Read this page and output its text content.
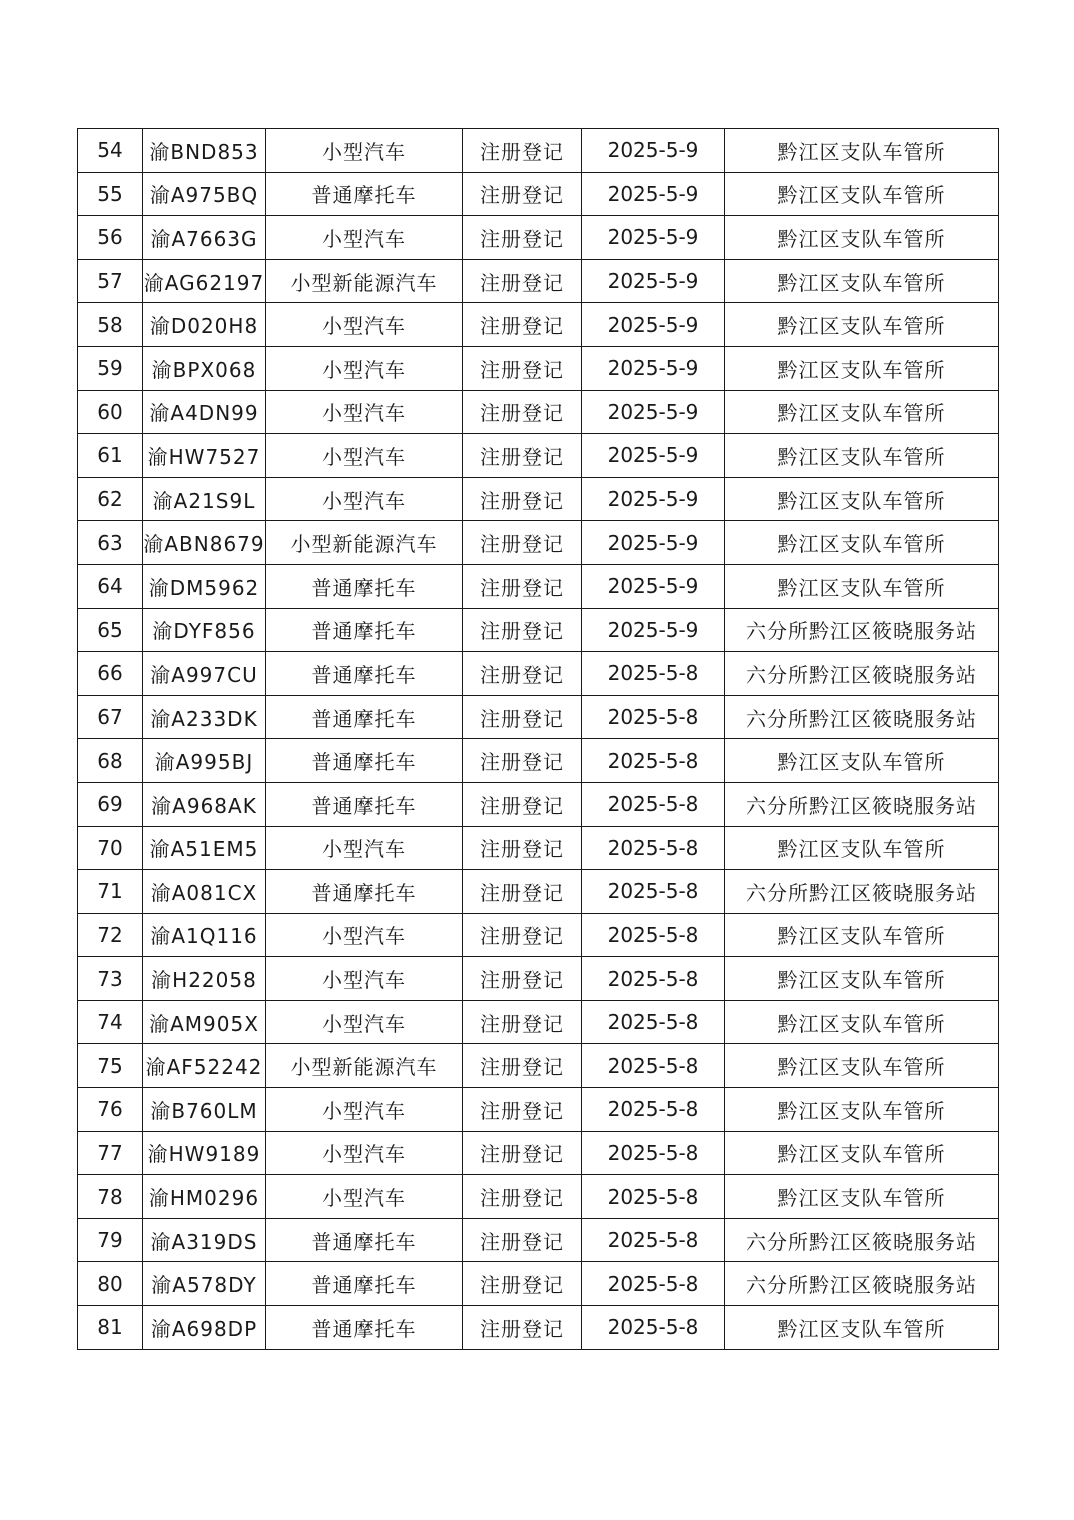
54	渝BND853	小型汽车	注册登记	2025-5-9	黔江区支队车管所
55	渝A975BQ	普通摩托车	注册登记	2025-5-9	黔江区支队车管所
56	渝A7663G	小型汽车	注册登记	2025-5-9	黔江区支队车管所
57	渝AG62197	小型新能源汽车	注册登记	2025-5-9	黔江区支队车管所
58	渝D020H8	小型汽车	注册登记	2025-5-9	黔江区支队车管所
59	渝BPX068	小型汽车	注册登记	2025-5-9	黔江区支队车管所
60	渝A4DN99	小型汽车	注册登记	2025-5-9	黔江区支队车管所
61	渝HW7527	小型汽车	注册登记	2025-5-9	黔江区支队车管所
62	渝A21S9L	小型汽车	注册登记	2025-5-9	黔江区支队车管所
63	渝ABN8679	小型新能源汽车	注册登记	2025-5-9	黔江区支队车管所
64	渝DM5962	普通摩托车	注册登记	2025-5-9	黔江区支队车管所
65	渝DYF856	普通摩托车	注册登记	2025-5-9	六分所黔江区筱晓服务站
66	渝A997CU	普通摩托车	注册登记	2025-5-8	六分所黔江区筱晓服务站
67	渝A233DK	普通摩托车	注册登记	2025-5-8	六分所黔江区筱晓服务站
68	渝A995BJ	普通摩托车	注册登记	2025-5-8	黔江区支队车管所
69	渝A968AK	普通摩托车	注册登记	2025-5-8	六分所黔江区筱晓服务站
70	渝A51EM5	小型汽车	注册登记	2025-5-8	黔江区支队车管所
71	渝A081CX	普通摩托车	注册登记	2025-5-8	六分所黔江区筱晓服务站
72	渝A1Q116	小型汽车	注册登记	2025-5-8	黔江区支队车管所
73	渝H22058	小型汽车	注册登记	2025-5-8	黔江区支队车管所
74	渝AM905X	小型汽车	注册登记	2025-5-8	黔江区支队车管所
75	渝AF52242	小型新能源汽车	注册登记	2025-5-8	黔江区支队车管所
76	渝B760LM	小型汽车	注册登记	2025-5-8	黔江区支队车管所
77	渝HW9189	小型汽车	注册登记	2025-5-8	黔江区支队车管所
78	渝HM0296	小型汽车	注册登记	2025-5-8	黔江区支队车管所
79	渝A319DS	普通摩托车	注册登记	2025-5-8	六分所黔江区筱晓服务站
80	渝A578DY	普通摩托车	注册登记	2025-5-8	六分所黔江区筱晓服务站
81	渝A698DP	普通摩托车	注册登记	2025-5-8	黔江区支队车管所
